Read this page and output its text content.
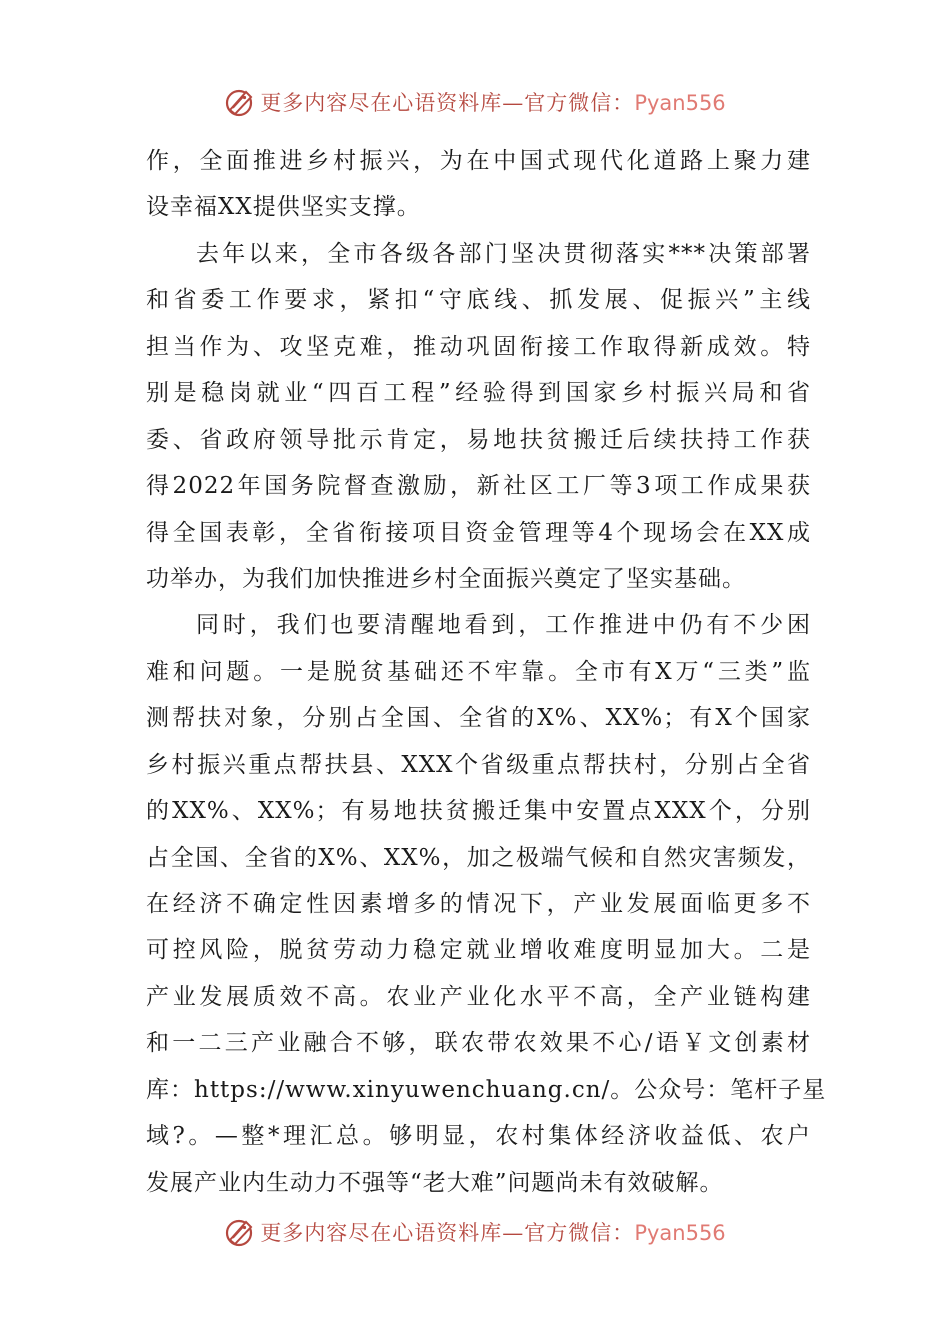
更多内容尽在心语资料库—官方微信：Pyan556
作，全面推进乡村振兴，为在中国式现代化道路上聚力建
设幸福XX提供坚实支撑。
去年以来，全市各级各部门坚决贯彻落实***决策部署
和省委工作要求，紧扣“守底线、抓发展、促振兴”主线
担当作为、攻坚克难，推动巩固衔接工作取得新成效。特
别是稳岗就业“四百工程”经验得到国家乡村振兴局和省
委、省政府领导批示肯定，易地扶贫搬迁后续扶持工作获
得2022年国务院督查激励，新社区工厂等3项工作成果获
得全国表彰，全省衔接项目资金管理等4个现场会在XX成
功举办，为我们加快推进乡村全面振兴奠定了坚实基础。
同时，我们也要清醒地看到，工作推进中仍有不少困
难和问题。一是脱贫基础还不牢靠。全市有X万“三类”监
测帮扶对象，分别占全国、全省的X%、XX%；有X个国家
乡村振兴重点帮扶县、XXX个省级重点帮扶村，分别占全省
的XX%、XX%；有易地扶贫搬迁集中安置点XXX个，分别
占全国、全省的X%、XX%，加之极端气候和自然灾害频发，
在经济不确定性因素增多的情况下，产业发展面临更多不
可控风险，脱贫劳动力稳定就业增收难度明显加大。二是
产业发展质效不高。农业产业化水平不高，全产业链构建
和一二三产业融合不够，联农带农效果不心/语￥文创素材
库：https://www.xinyuwenchuang.cn/。公众号：笔杆子星
域?。—整*理汇总。够明显，农村集体经济收益低、农户
发展产业内生动力不强等“老大难”问题尚未有效破解。
更多内容尽在心语资料库—官方微信：Pyan556
